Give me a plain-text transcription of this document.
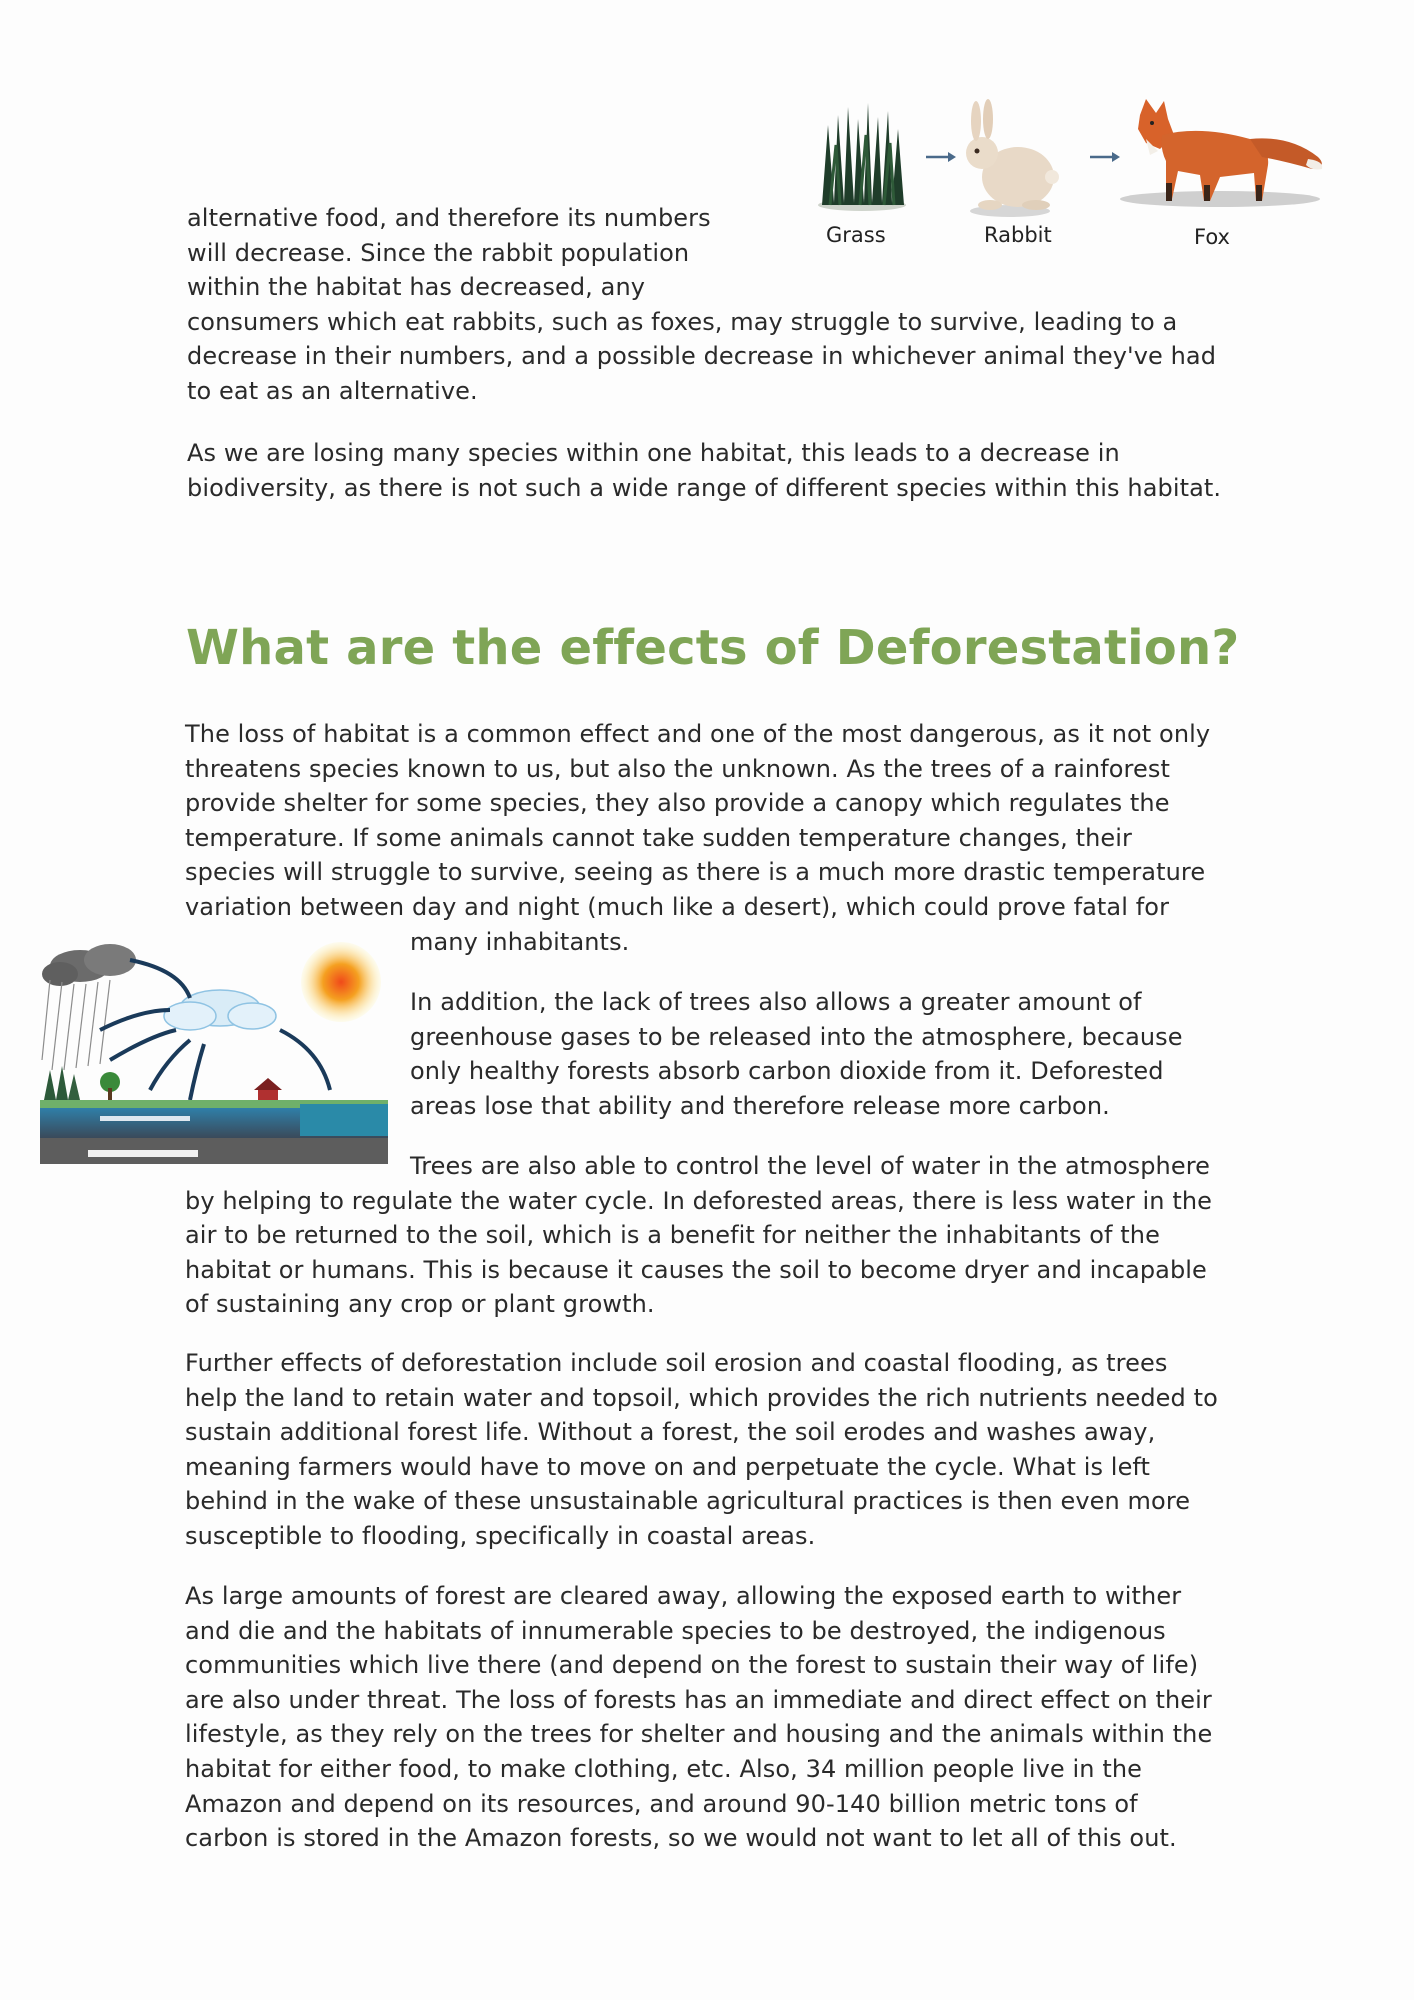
Grass	Rabbit	Fox
alternative food, and therefore its numbers
will decrease. Since the rabbit population
within the habitat has decreased, any
consumers which eat rabbits, such as foxes, may struggle to survive, leading to a
decrease in their numbers, and a possible decrease in whichever animal they've had
to eat as an alternative.
As we are losing many species within one habitat, this leads to a decrease in
biodiversity, as there is not such a wide range of different species within this habitat.
What are the effects of Deforestation?
The loss of habitat is a common effect and one of the most dangerous, as it not only
threatens species known to us, but also the unknown. As the trees of a rainforest
provide shelter for some species, they also provide a canopy which regulates the
temperature. If some animals cannot take sudden temperature changes, their
species will struggle to survive, seeing as there is a much more drastic temperature
variation between day and night (much like a desert), which could prove fatal for
many inhabitants.
In addition, the lack of trees also allows a greater amount of
greenhouse gases to be released into the atmosphere, because
only healthy forests absorb carbon dioxide from it. Deforested
areas lose that ability and therefore release more carbon.
Trees are also able to control the level of water in the atmosphere
by helping to regulate the water cycle. In deforested areas, there is less water in the
air to be returned to the soil, which is a benefit for neither the inhabitants of the
habitat or humans. This is because it causes the soil to become dryer and incapable
of sustaining any crop or plant growth.
Further effects of deforestation include soil erosion and coastal flooding, as trees
help the land to retain water and topsoil, which provides the rich nutrients needed to
sustain additional forest life. Without a forest, the soil erodes and washes away,
meaning farmers would have to move on and perpetuate the cycle. What is left
behind in the wake of these unsustainable agricultural practices is then even more
susceptible to flooding, specifically in coastal areas.
As large amounts of forest are cleared away, allowing the exposed earth to wither
and die and the habitats of innumerable species to be destroyed, the indigenous
communities which live there (and depend on the forest to sustain their way of life)
are also under threat. The loss of forests has an immediate and direct effect on their
lifestyle, as they rely on the trees for shelter and housing and the animals within the
habitat for either food, to make clothing, etc. Also, 34 million people live in the
Amazon and depend on its resources, and around 90-140 billion metric tons of
carbon is stored in the Amazon forests, so we would not want to let all of this out.
